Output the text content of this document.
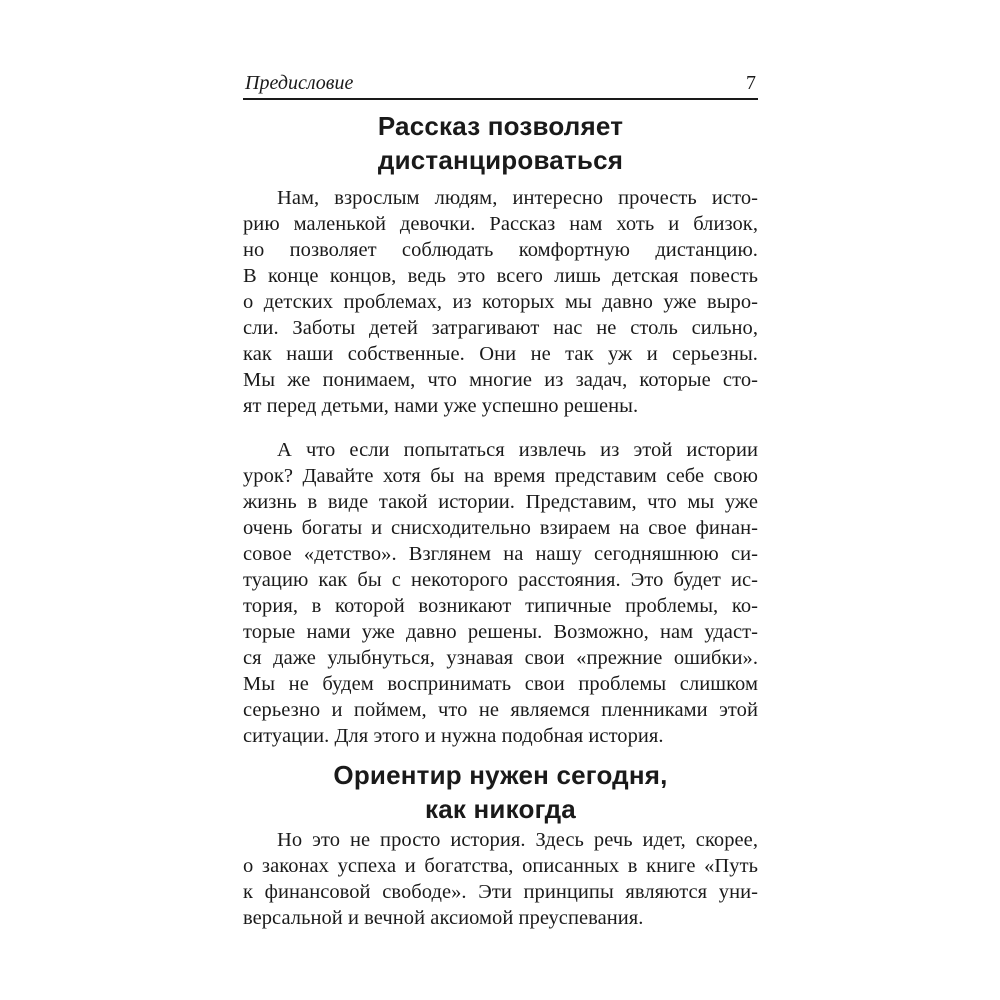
Предисловие	7
Рассказ позволяет
дистанцироваться
Нам, взрослым людям, интересно прочесть исто-
рию маленькой девочки. Рассказ нам хоть и близок,
но позволяет соблюдать комфортную дистанцию.
В конце концов, ведь это всего лишь детская повесть
о детских проблемах, из которых мы давно уже выро-
сли. Заботы детей затрагивают нас не столь сильно,
как наши собственные. Они не так уж и серьезны.
Мы же понимаем, что многие из задач, которые сто-
ят перед детьми, нами уже успешно решены.
А что если попытаться извлечь из этой истории
урок? Давайте хотя бы на время представим себе свою
жизнь в виде такой истории. Представим, что мы уже
очень богаты и снисходительно взираем на свое финан-
совое «детство». Взглянем на нашу сегодняшнюю си-
туацию как бы с некоторого расстояния. Это будет ис-
тория, в которой возникают типичные проблемы, ко-
торые нами уже давно решены. Возможно, нам удаст-
ся даже улыбнуться, узнавая свои «прежние ошибки».
Мы не будем воспринимать свои проблемы слишком
серьезно и поймем, что не являемся пленниками этой
ситуации. Для этого и нужна подобная история.
Ориентир нужен сегодня,
как никогда
Но это не просто история. Здесь речь идет, скорее,
о законах успеха и богатства, описанных в книге «Путь
к финансовой свободе». Эти принципы являются уни-
версальной и вечной аксиомой преуспевания.
